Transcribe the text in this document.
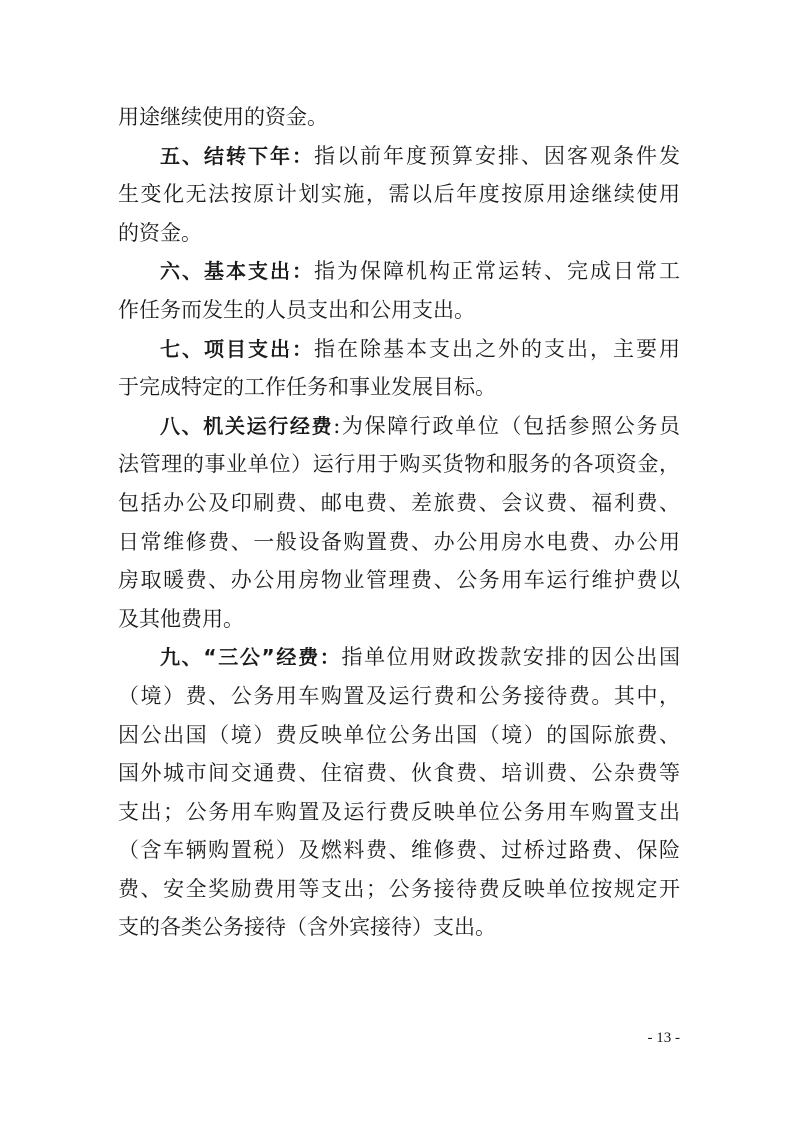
用途继续使用的资金。
五、结转下年：指以前年度预算安排、因客观条件发
生变化无法按原计划实施，需以后年度按原用途继续使用
的资金。
六、基本支出：指为保障机构正常运转、完成日常工
作任务而发生的人员支出和公用支出。
七、项目支出：指在除基本支出之外的支出，主要用
于完成特定的工作任务和事业发展目标。
八、机关运行经费:为保障行政单位（包括参照公务员
法管理的事业单位）运行用于购买货物和服务的各项资金，
包括办公及印刷费、邮电费、差旅费、会议费、福利费、
日常维修费、一般设备购置费、办公用房水电费、办公用
房取暖费、办公用房物业管理费、公务用车运行维护费以
及其他费用。
九、“三公”经费：指单位用财政拨款安排的因公出国
（境）费、公务用车购置及运行费和公务接待费。其中，
因公出国（境）费反映单位公务出国（境）的国际旅费、
国外城市间交通费、住宿费、伙食费、培训费、公杂费等
支出；公务用车购置及运行费反映单位公务用车购置支出
（含车辆购置税）及燃料费、维修费、过桥过路费、保险
费、安全奖励费用等支出；公务接待费反映单位按规定开
支的各类公务接待（含外宾接待）支出。
- 13 -
